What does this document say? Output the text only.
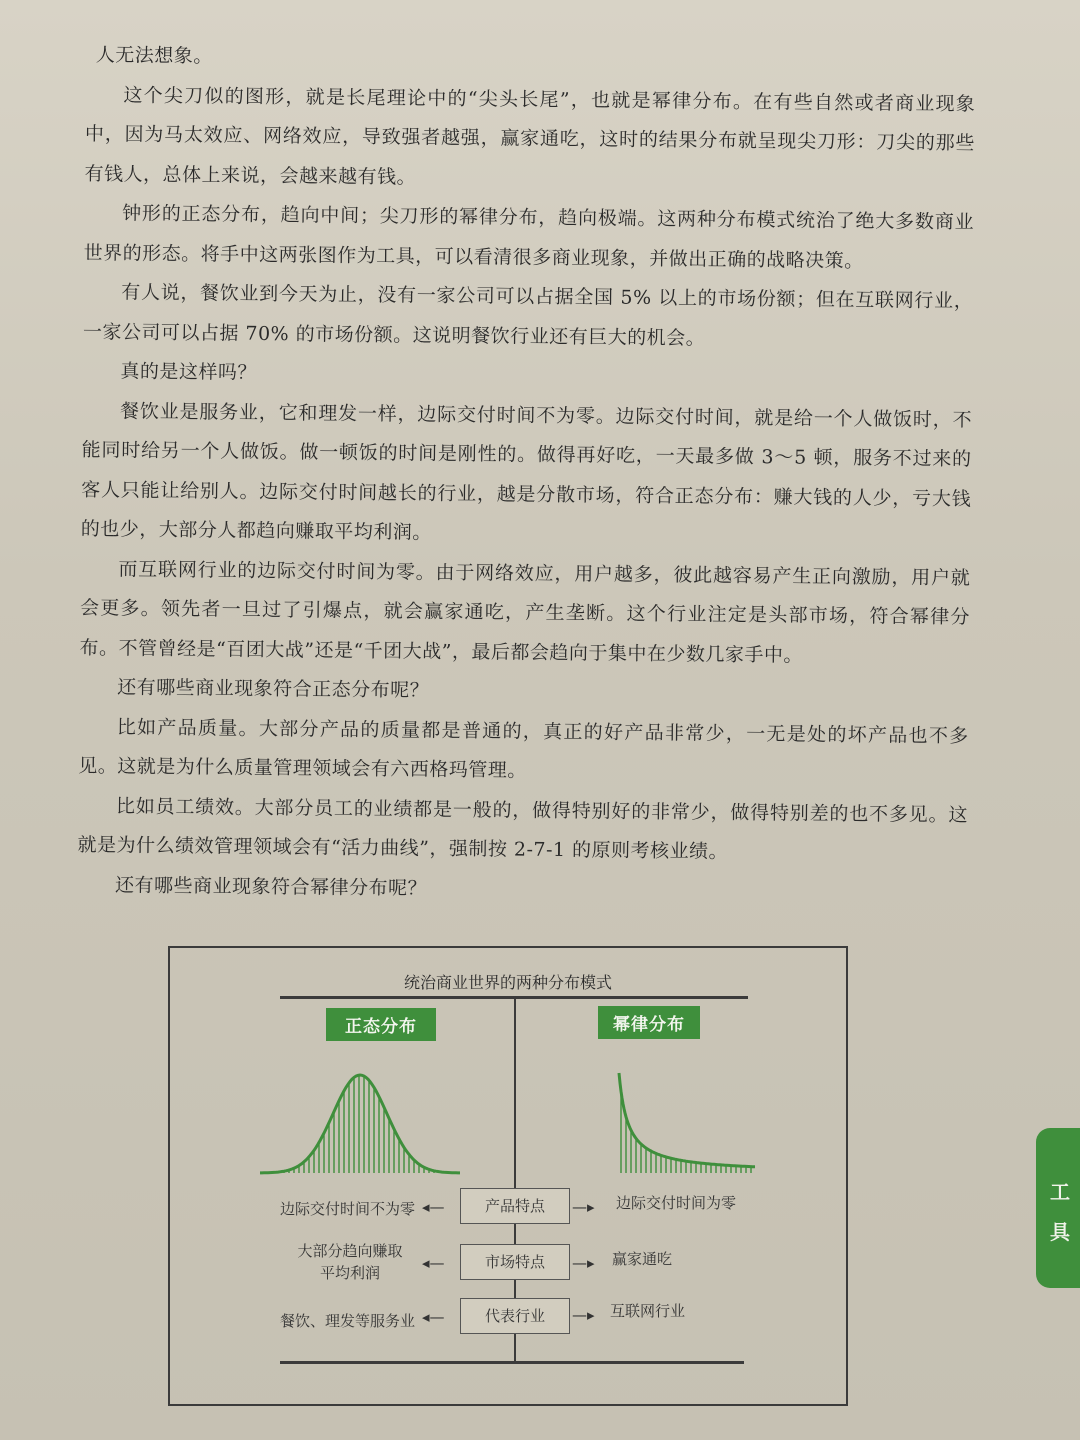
人无法想象。

这个尖刀似的图形，就是长尾理论中的“尖头长尾”，也就是幂律分布。在有些自然或者商业现象中，因为马太效应、网络效应，导致强者越强，赢家通吃，这时的结果分布就呈现尖刀形：刀尖的那些有钱人，总体上来说，会越来越有钱。

钟形的正态分布，趋向中间；尖刀形的幂律分布，趋向极端。这两种分布模式统治了绝大多数商业世界的形态。将手中这两张图作为工具，可以看清很多商业现象，并做出正确的战略决策。

有人说，餐饮业到今天为止，没有一家公司可以占据全国 5% 以上的市场份额；但在互联网行业，一家公司可以占据 70% 的市场份额。这说明餐饮行业还有巨大的机会。

真的是这样吗？

餐饮业是服务业，它和理发一样，边际交付时间不为零。边际交付时间，就是给一个人做饭时，不能同时给另一个人做饭。做一顿饭的时间是刚性的。做得再好吃，一天最多做 3～5 顿，服务不过来的客人只能让给别人。边际交付时间越长的行业，越是分散市场，符合正态分布：赚大钱的人少，亏大钱的也少，大部分人都趋向赚取平均利润。

而互联网行业的边际交付时间为零。由于网络效应，用户越多，彼此越容易产生正向激励，用户就会更多。领先者一旦过了引爆点，就会赢家通吃，产生垄断。这个行业注定是头部市场，符合幂律分布。不管曾经是“百团大战”还是“千团大战”，最后都会趋向于集中在少数几家手中。

还有哪些商业现象符合正态分布呢？

比如产品质量。大部分产品的质量都是普通的，真正的好产品非常少，一无是处的坏产品也不多见。这就是为什么质量管理领域会有六西格玛管理。

比如员工绩效。大部分员工的业绩都是一般的，做得特别好的非常少，做得特别差的也不多见。这就是为什么绩效管理领域会有“活力曲线”，强制按 2-7-1 的原则考核业绩。

还有哪些商业现象符合幂律分布呢？

统治商业世界的两种分布模式
正态分布	幂律分布
边际交付时间不为零 ◂—	产品特点	—▸ 边际交付时间为零
大部分趋向赚取
平均利润
◂—	市场特点	—▸ 赢家通吃
餐饮、理发等服务业 ◂—	代表行业	—▸ 互联网行业
工
具
